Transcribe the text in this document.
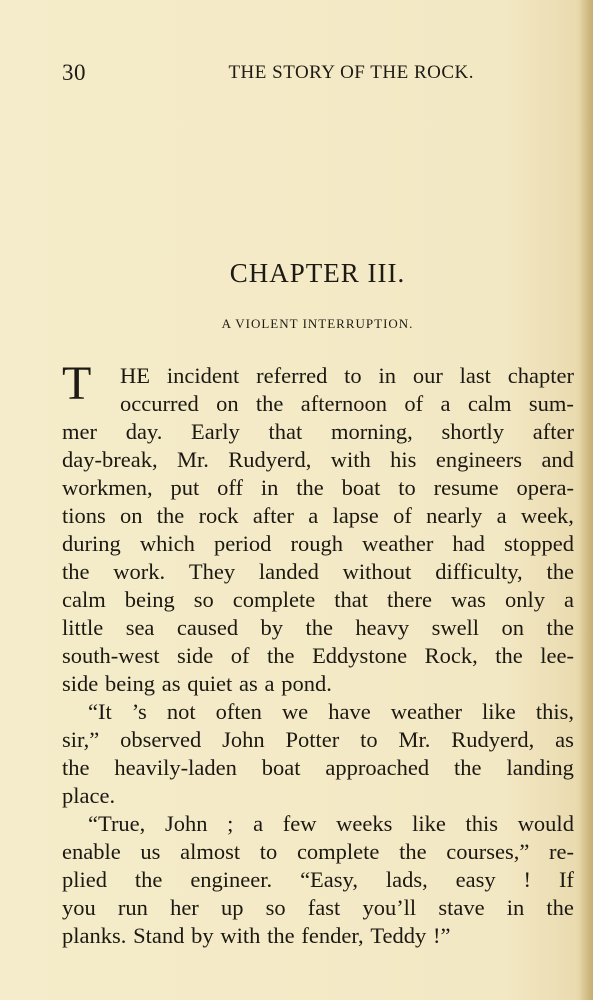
30	THE STORY OF THE ROCK.
CHAPTER III.
A VIOLENT INTERRUPTION.
T HE incident referred to in our last chapter
occurred on the afternoon of a calm sum-
mer day. Early that morning, shortly after
day-break, Mr. Rudyerd, with his engineers and
workmen, put off in the boat to resume opera-
tions on the rock after a lapse of nearly a week,
during which period rough weather had stopped
the work. They landed without difficulty, the
calm being so complete that there was only a
little sea caused by the heavy swell on the
south-west side of the Eddystone Rock, the lee-
side being as quiet as a pond.
“It ’s not often we have weather like this,
sir,” observed John Potter to Mr. Rudyerd, as
the heavily-laden boat approached the landing
place.
“True, John ; a few weeks like this would
enable us almost to complete the courses,” re-
plied the engineer. “Easy, lads, easy ! If
you run her up so fast you’ll stave in the
planks. Stand by with the fender, Teddy !”
